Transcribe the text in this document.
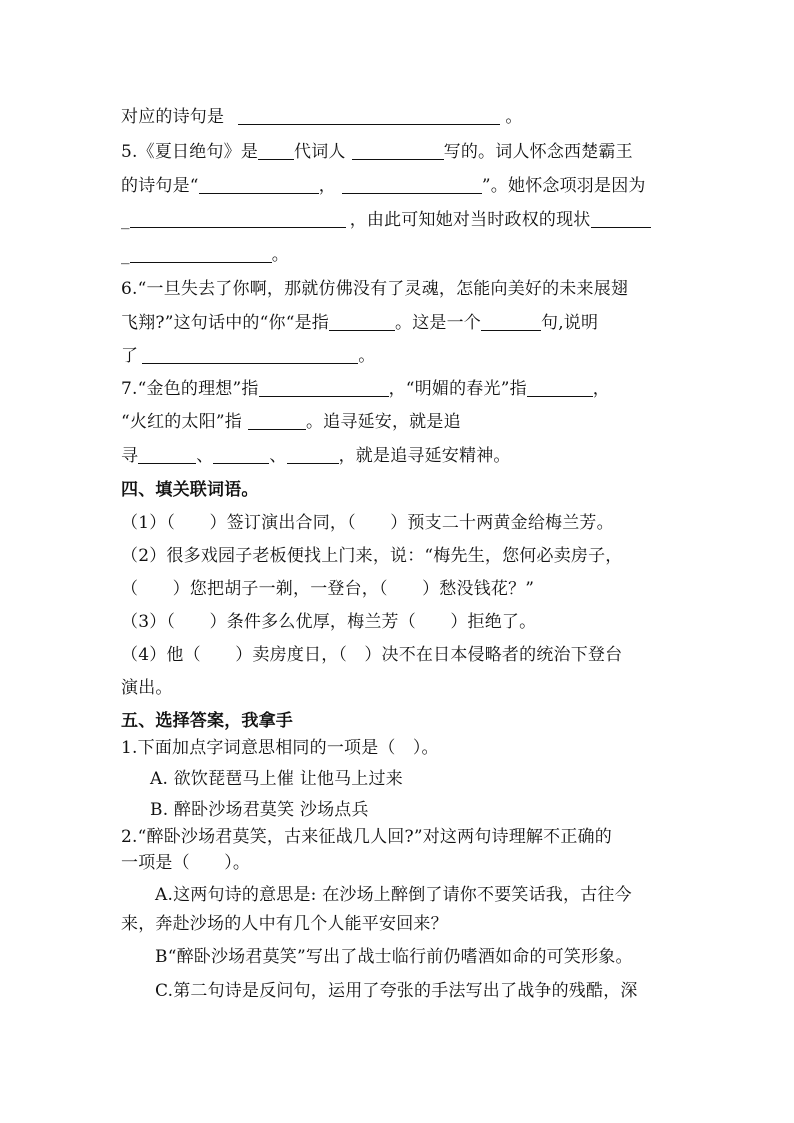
对应的诗句是	。
5.《夏日绝句》是 代词人	写的。词人怀念西楚霸王
的诗句是“	，	”。她怀念项羽是因为
_	，由此可知她对当时政权的现状
_	。
6.“一旦失去了你啊，那就仿佛没有了灵魂，怎能向美好的未来展翅
飞翔?”这句话中的“你“是指	。这是一个	句,说明
了	。
7.“金色的理想”指	，“明媚的春光”指	，
“火红的太阳”指	。追寻延安，就是追
寻	、	、	，就是追寻延安精神。
四、填关联词语。
（1）（　　）签订演出合同，（　　）预支二十两黄金给梅兰芳。
（2）很多戏园子老板便找上门来，说：“梅先生，您何必卖房子，
（　　）您把胡子一剃，一登台，（　　）愁没钱花？”
（3）（　　）条件多么优厚，梅兰芳（　　）拒绝了。
（4）他（　　）卖房度日，（　）决不在日本侵略者的统治下登台
演出。
五、选择答案，我拿手
1.下面加点字词意思相同的一项是（　）。
A. 欲饮琵琶马上催 让他马上过来
B. 醉卧沙场君莫笑 沙场点兵
2.“醉卧沙场君莫笑，古来征战几人回?”对这两句诗理解不正确的
一项是（　　）。
A.这两句诗的意思是: 在沙场上醉倒了请你不要笑话我，古往今
来，奔赴沙场的人中有几个人能平安回来？
B“醉卧沙场君莫笑”写出了战士临行前仍嗜酒如命的可笑形象。
C.第二句诗是反问句，运用了夸张的手法写出了战争的残酷，深
